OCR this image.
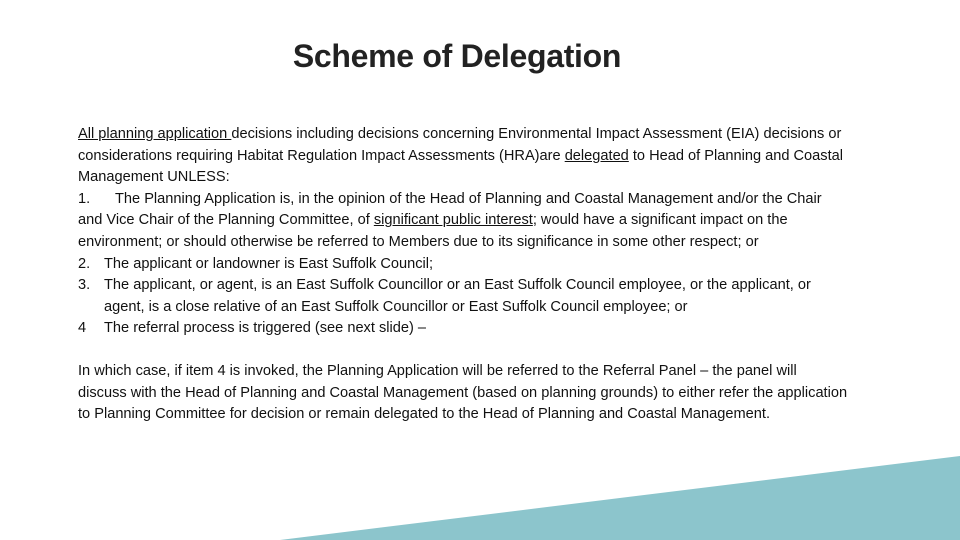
Scheme of Delegation

All planning application decisions including decisions concerning Environmental Impact Assessment (EIA) decisions or considerations requiring Habitat Regulation Impact Assessments (HRA)are delegated to Head of Planning and Coastal Management UNLESS:

1. The Planning Application is, in the opinion of the Head of Planning and Coastal Management and/or the Chair and Vice Chair of the Planning Committee, of significant public interest; would have a significant impact on the environment; or should otherwise be referred to Members due to its significance in some other respect; or

2. The applicant or landowner is East Suffolk Council;
3. The applicant, or agent, is an East Suffolk Councillor or an East Suffolk Council employee, or the applicant, or agent, is a close relative of an East Suffolk Councillor or East Suffolk Council employee; or
4	The referral process is triggered (see next slide) –

In which case, if item 4 is invoked, the Planning Application will be referred to the Referral Panel – the panel will discuss with the Head of Planning and Coastal Management (based on planning grounds) to either refer the application to Planning Committee for decision or remain delegated to the Head of Planning and Coastal Management.
